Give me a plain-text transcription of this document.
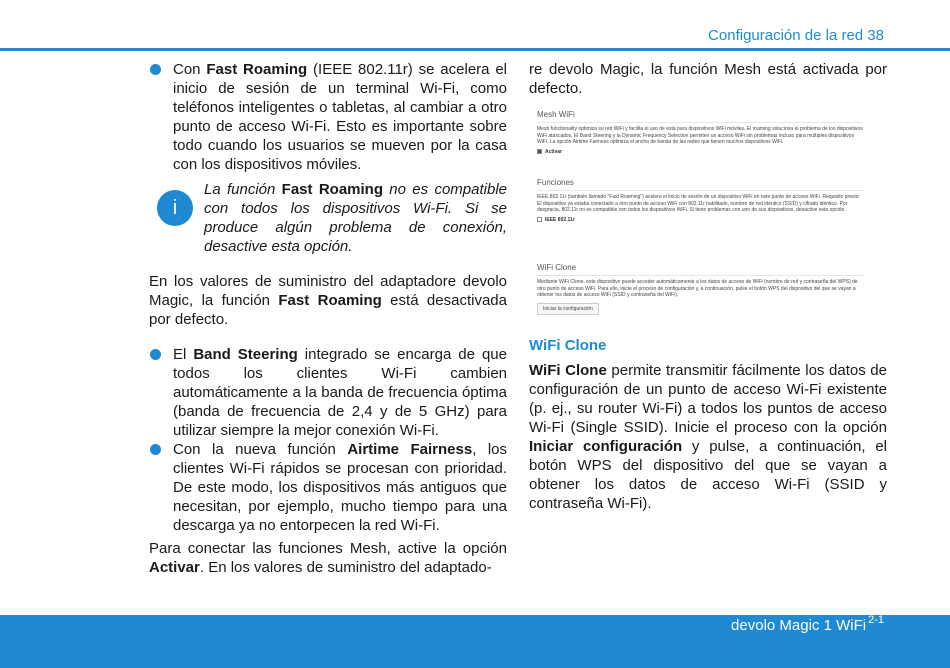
Configuración de la red 38
Con Fast Roaming (IEEE 802.11r) se acelera el inicio de sesión de un terminal Wi-Fi, como teléfonos inteligentes o tabletas, al cambiar a otro punto de acceso Wi-Fi. Esto es importante sobre todo cuando los usuarios se mueven por la casa con los dispositivos móviles.
i
La función Fast Roaming no es compatible con todos los dispositivos Wi-Fi. Si se produce algún problema de conexión, desactive esta opción.
En los valores de suministro del adaptadore devolo Magic, la función Fast Roaming está desactivada por defecto.
El Band Steering integrado se encarga de que todos los clientes Wi-Fi cambien automáticamente a la banda de frecuencia óptima (banda de frecuencia de 2,4 y de 5 GHz) para utilizar siempre la mejor conexión Wi-Fi.
Con la nueva función Airtime Fairness, los clientes Wi-Fi rápidos se procesan con prioridad. De este modo, los dispositivos más antiguos que necesitan, por ejemplo, mucho tiempo para una descarga ya no entorpecen la red Wi-Fi.
Para conectar las funciones Mesh, active la opción Activar. En los valores de suministro del adaptado-
re devolo Magic, la función Mesh está activada por defecto.
Mesh WiFi
Mesh functionality optimiza su red WiFi y facilita el uso de esta para dispositivos WiFi móviles. El roaming soluciona el problema de los dispositivos WiFi atascados. El Band Steering y la Dynamic Frequency Selection permiten un acceso WiFi sin problemas incluso para múltiples dispositivos WiFi. La opción Airtime Fairness optimiza el ancho de banda de las redes que tienen muchos dispositivos WiFi.
Activar
Funciones
IEEE 802.11r (también llamado "Fast Roaming") acelera el inicio de sesión de un dispositivo WiFi en este punto de acceso WiFi. Requisito previo: El dispositivo ya estaba conectado a otro punto de acceso WiFi con 802.11r habilitado, nombre de red idéntico (SSID) y cifrado idéntico. Por desgracia, 802.11r no es compatible con todos los dispositivos WiFi. Si tiene problemas con uno de sus dispositivos, desactive esta opción.
IEEE 802.11r
WiFi Clone
Mediante WiFi Clone, este dispositivo puede acceder automáticamente a los datos de acceso de WiFi (nombre de red y contraseña del WPS) de otro punto de acceso WiFi. Para ello, inicie el proceso de configuración y, a continuación, pulse el botón WPS del dispositivo del que se vayan a obtener los datos de acceso WiFi (SSID y contraseña del WiFi).
Iniciar la configuración
WiFi Clone
WiFi Clone permite transmitir fácilmente los datos de configuración de un punto de acceso Wi-Fi existente (p. ej., su router Wi-Fi) a todos los puntos de acceso Wi-Fi (Single SSID). Inicie el proceso con la opción Iniciar configuración y pulse, a continuación, el botón WPS del dispositivo del que se vayan a obtener los datos de acceso Wi-Fi (SSID y contraseña Wi-Fi).
devolo Magic 1 WiFi $^{2-1}$
